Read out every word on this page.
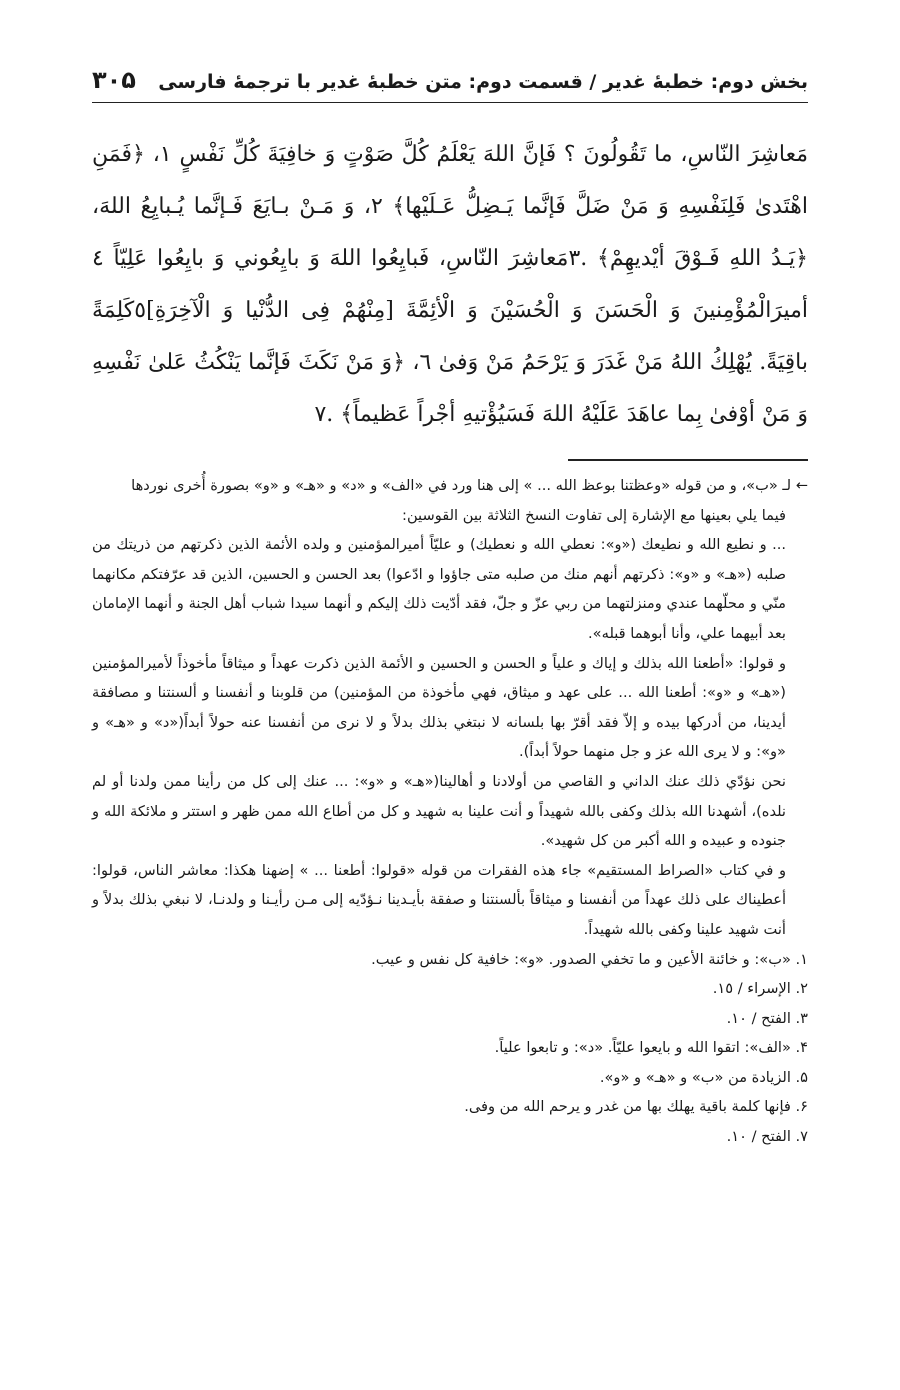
بخش دوم: خطبۀ غدیر / قسمت دوم: متن خطبۀ غدیر با ترجمۀ فارسی
۳۰۵
مَعاشِرَ النّاسِ، ما تَقُولُونَ ؟ فَإنَّ اللهَ یَعْلَمُ کُلَّ صَوْتٍ وَ خافِیَةَ کُلِّ نَفْسٍ ١، ﴿فَمَنِ اهْتَدیٰ فَلِنَفْسِهِ وَ مَنْ ضَلَّ فَإنَّما یَـضِلُّ عَـلَیْها﴾ ٢، وَ مَـنْ بـایَعَ فَـإنَّما یُـبایِعُ اللهَ، ﴿یَـدُ اللهِ فَـوْقَ أیْدیهِمْ﴾ .٣مَعاشِرَ النّاسِ، فَبایِعُوا اللهَ وَ بایِعُوني وَ بایِعُوا عَلِیّاً ٤ أمیرَالْمُؤْمِنینَ وَ الْحَسَنَ وَ الْحُسَیْنَ وَ الْأئِمَّةَ [مِنْهُمْ فِی الدُّنْیا وَ الْآخِرَةِ]٥کَلِمَةً باقِیَةً. یُهْلِكُ اللهُ مَنْ غَدَرَ وَ یَرْحَمُ مَنْ وَفیٰ ٦، ﴿وَ مَنْ نَکَثَ فَإنَّما یَنْکُثُ عَلیٰ نَفْسِهِ وَ مَنْ أوْفیٰ بِما عاهَدَ عَلَیْهُ اللهَ فَسَیُؤْتیهِ أجْراً عَظیماً﴾ .٧

← لـ «ب»، و من قوله «وعظتنا بوعظ الله ... » إلى هنا ورد في «الف» و «د» و «هـ» و «و» بصورة أُخرى نوردها

فيما يلي بعينها مع الإشارة إلى تفاوت النسخ الثلاثة بين القوسين:

... و نطيع الله و نطيعك («و»: نعطي الله و نعطيك) و عليّاً أميرالمؤمنين و ولده الأئمة الذين ذكرتهم من ذريتك من صلبه («هـ» و «و»: ذكرتهم أنهم منك من صلبه متى جاؤوا و ادّعوا) بعد الحسن و الحسين، الذين قد عرّفتكم مكانهما منّي و محلّهما عندي ومنزلتهما من ربي عزّ و جلّ، فقد أدّيت ذلك إليكم و أنهما سيدا شباب أهل الجنة و أنهما الإمامان بعد أبيهما علي، وأنا أبوهما قبله».

و قولوا: «أطعنا الله بذلك و إياك و علياً و الحسن و الحسين و الأئمة الذين ذكرت عهداً و ميثاقاً مأخوذاً لأميرالمؤمنين («هـ» و «و»: أطعنا الله ... على عهد و ميثاق، فهي مأخوذة من المؤمنين) من قلوبنا و أنفسنا و ألسنتنا و مصافقة أيدينا، من أدركها بيده و إلاّ فقد أقرّ بها بلسانه لا نبتغي بذلك بدلاً و لا نرى من أنفسنا عنه حولاً أبداً(«د» و «هـ» و «و»: و لا يرى الله عز و جل منهما حولاً أبداً).

نحن نؤدّي ذلك عنك الداني و القاصي من أولادنا و أهالينا(«هـ» و «و»: ... عنك إلى كل من رأينا ممن ولدنا أو لم نلده)، أشهدنا الله بذلك وكفى بالله شهيداً و أنت علينا به شهيد و كل من أطاع الله ممن ظهر و استتر و ملائكة الله و جنوده و عبيده و الله أكبر من كل شهيد».

و في كتاب «الصراط المستقيم» جاء هذه الفقرات من قوله «قولوا: أطعنا ... » إضهنا هكذا: معاشر الناس، قولوا: أعطيناك على ذلك عهداً من أنفسنا و ميثاقاً بألسنتنا و صفقة بأيـدينا نـؤدّيه إلى مـن رأيـنا و ولدنـا، لا نبغي بذلك بدلاً و أنت شهيد علينا وكفى بالله شهيداً.

١. «ب»: و خائنة الأعين و ما تخفي الصدور. «و»: خافية كل نفس و عيب.
٢. الإسراء / ١٥.
٣. الفتح / ١٠.
۴. «الف»: اتقوا الله و بايعوا عليّاً. «د»: و تابعوا علياً.
۵. الزيادة من «ب» و «هـ» و «و».
۶. فإنها كلمة باقية يهلك بها من غدر و يرحم الله من وفى.
٧. الفتح / ١٠.
